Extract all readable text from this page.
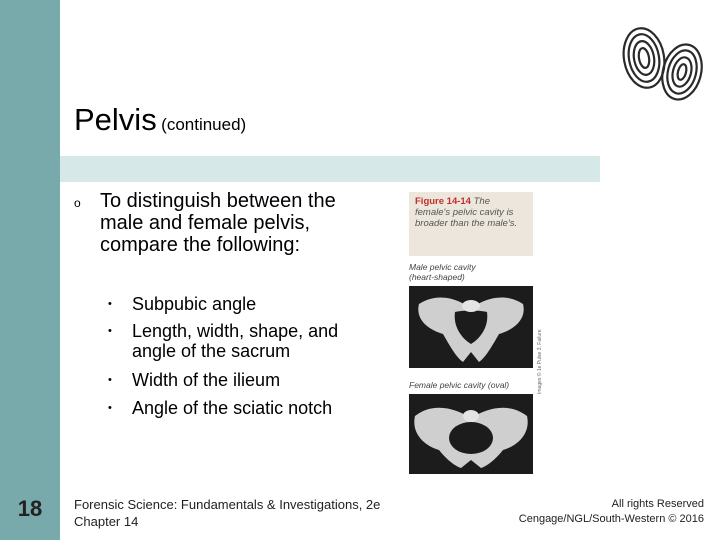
Pelvis (continued)
o To distinguish between the male and female pelvis, compare the following:
• Subpubic angle
• Length, width, shape, and angle of the sacrum
• Width of the ilieum
• Angle of the sciatic notch
Figure 14-14 The female's pelvic cavity is broader than the male's.
Male pelvic cavity
(heart-shaped)
Female pelvic cavity (oval)	Images © 1e Pulse 3. Failure
18	Forensic Science: Fundamentals & Investigations, 2e
Chapter 14
All rights Reserved
Cengage/NGL/South-Western © 2016
